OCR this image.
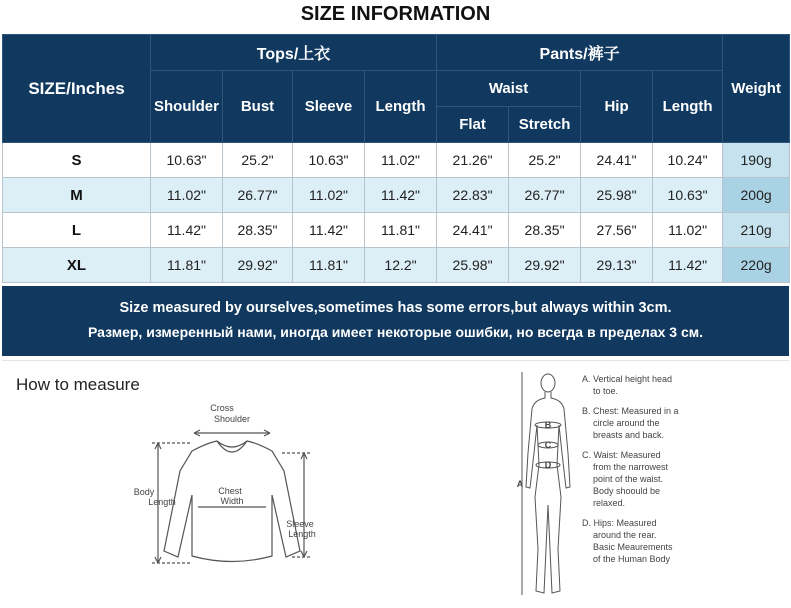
SIZE INFORMATION
SIZE/Inches	Tops/上衣				Pants/裤子				Weight
	Shoulder	Bust	Sleeve	Length	Waist		Hip	Length	
					Flat	Stretch			
S	10.63"	25.2"	10.63"	11.02"	21.26"	25.2"	24.41"	10.24"	190g
M	11.02"	26.77"	11.02"	11.42"	22.83"	26.77"	25.98"	10.63"	200g
L	11.42"	28.35"	11.42"	11.81"	24.41"	28.35"	27.56"	11.02"	210g
XL	11.81"	29.92"	11.81"	12.2"	25.98"	29.92"	29.13"	11.42"	220g
Size measured by ourselves,sometimes has some errors,but always within 3cm.
Размер, измеренный нами, иногда имеет некоторые ошибки, но всегда в пределах 3 см.
How to measure
Cross
Shoulder
Body
Length
Chest
Width
Sleeve
Length
A
B
C
D
A. Vertical height head
to toe.
B. Chest: Measured in a
circle around the
breasts and back.
C. Waist: Measured
from the narrowest
point of the waist.
Body shoould be
relaxed.
D. Hips: Measured
around the rear.
Basic Meaurements
of the Human Body
